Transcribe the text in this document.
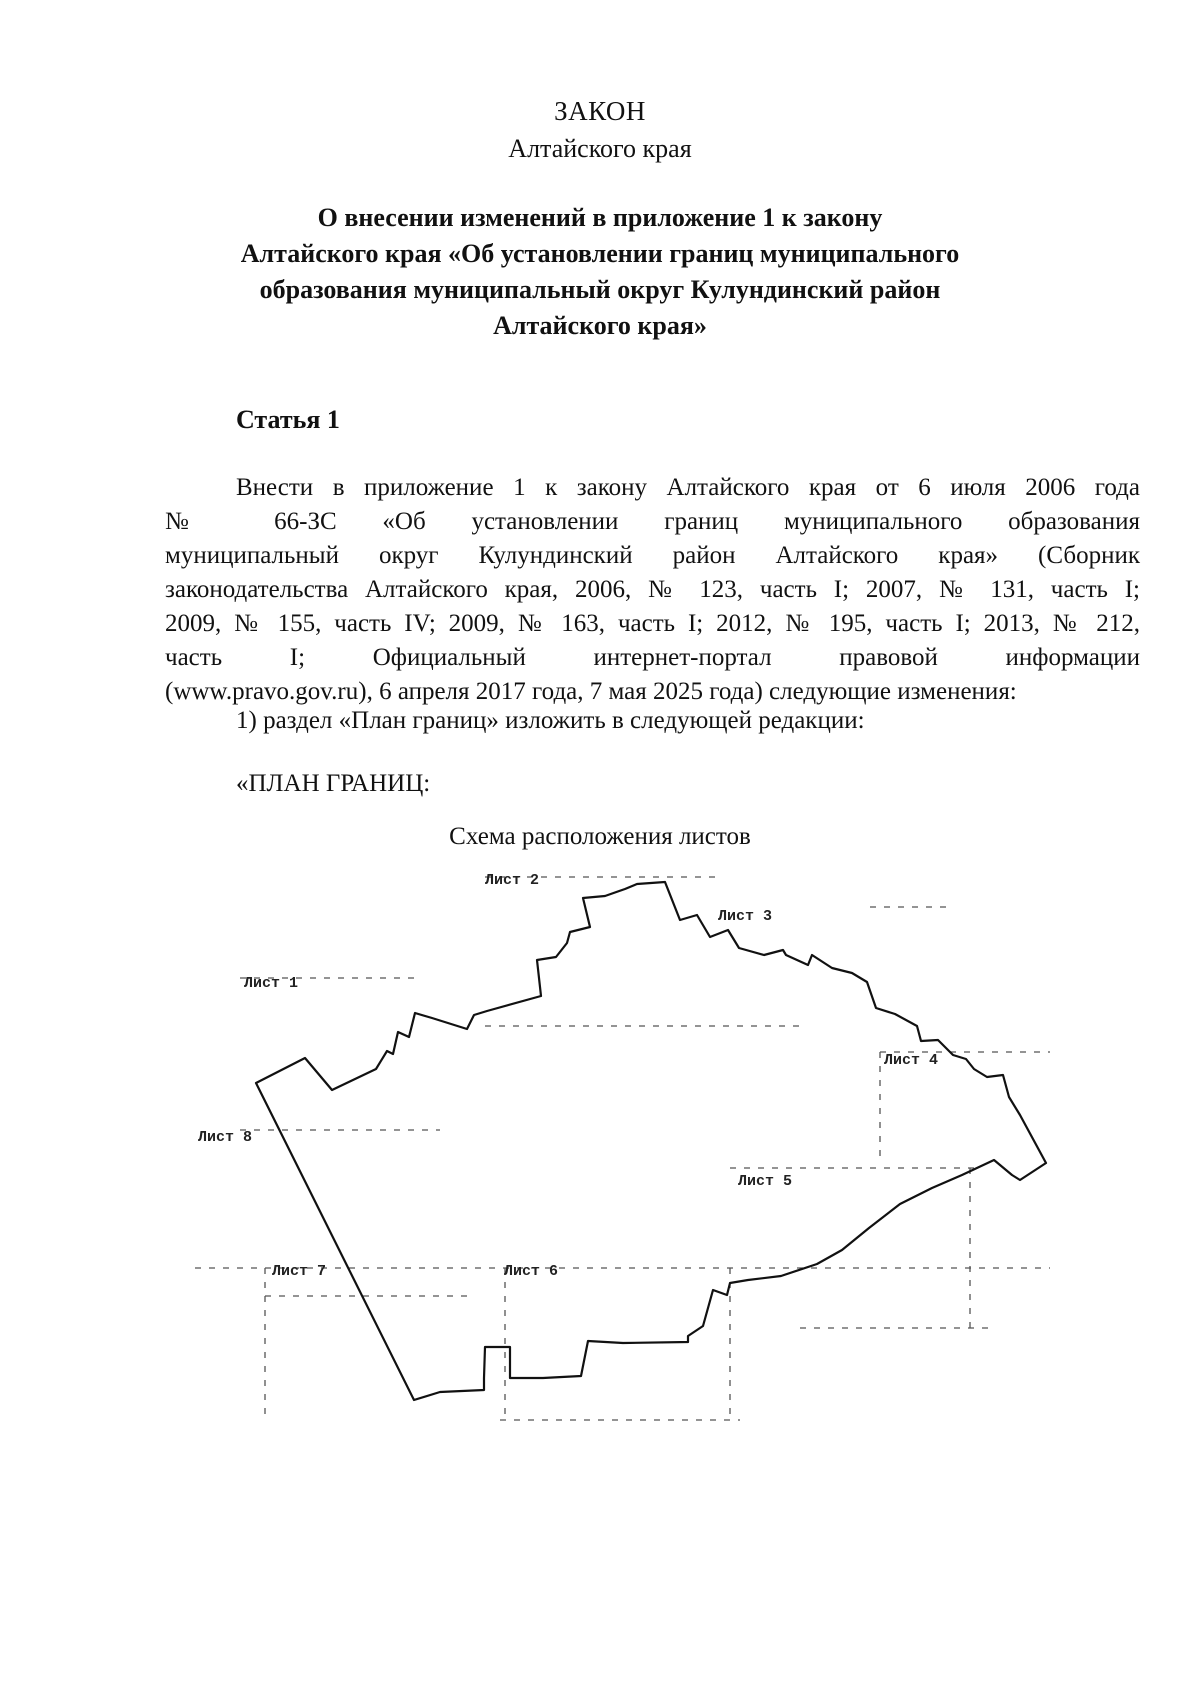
ЗАКОН
Алтайского края
О внесении изменений в приложение 1 к закону
Алтайского края «Об установлении границ муниципального
образования муниципальный округ Кулундинский район
Алтайского края»
Статья 1
Внести в приложение 1 к закону Алтайского края от 6 июля 2006 года
№ 66-ЗС «Об установлении границ муниципального образования
муниципальный округ Кулундинский район Алтайского края» (Сборник
законодательства Алтайского края, 2006, № 123, часть I; 2007, № 131, часть I;
2009, № 155, часть IV; 2009, № 163, часть I; 2012, № 195, часть I; 2013, № 212,
часть I; Официальный интернет-портал правовой информации
(www.pravo.gov.ru), 6 апреля 2017 года, 7 мая 2025 года) следующие изменения:
1) раздел «План границ» изложить в следующей редакции:
«ПЛАН ГРАНИЦ:
Схема расположения листов
Лист 1
Лист 2
Лист 3
Лист 4
Лист 5
Лист 6
Лист 7
Лист 8
